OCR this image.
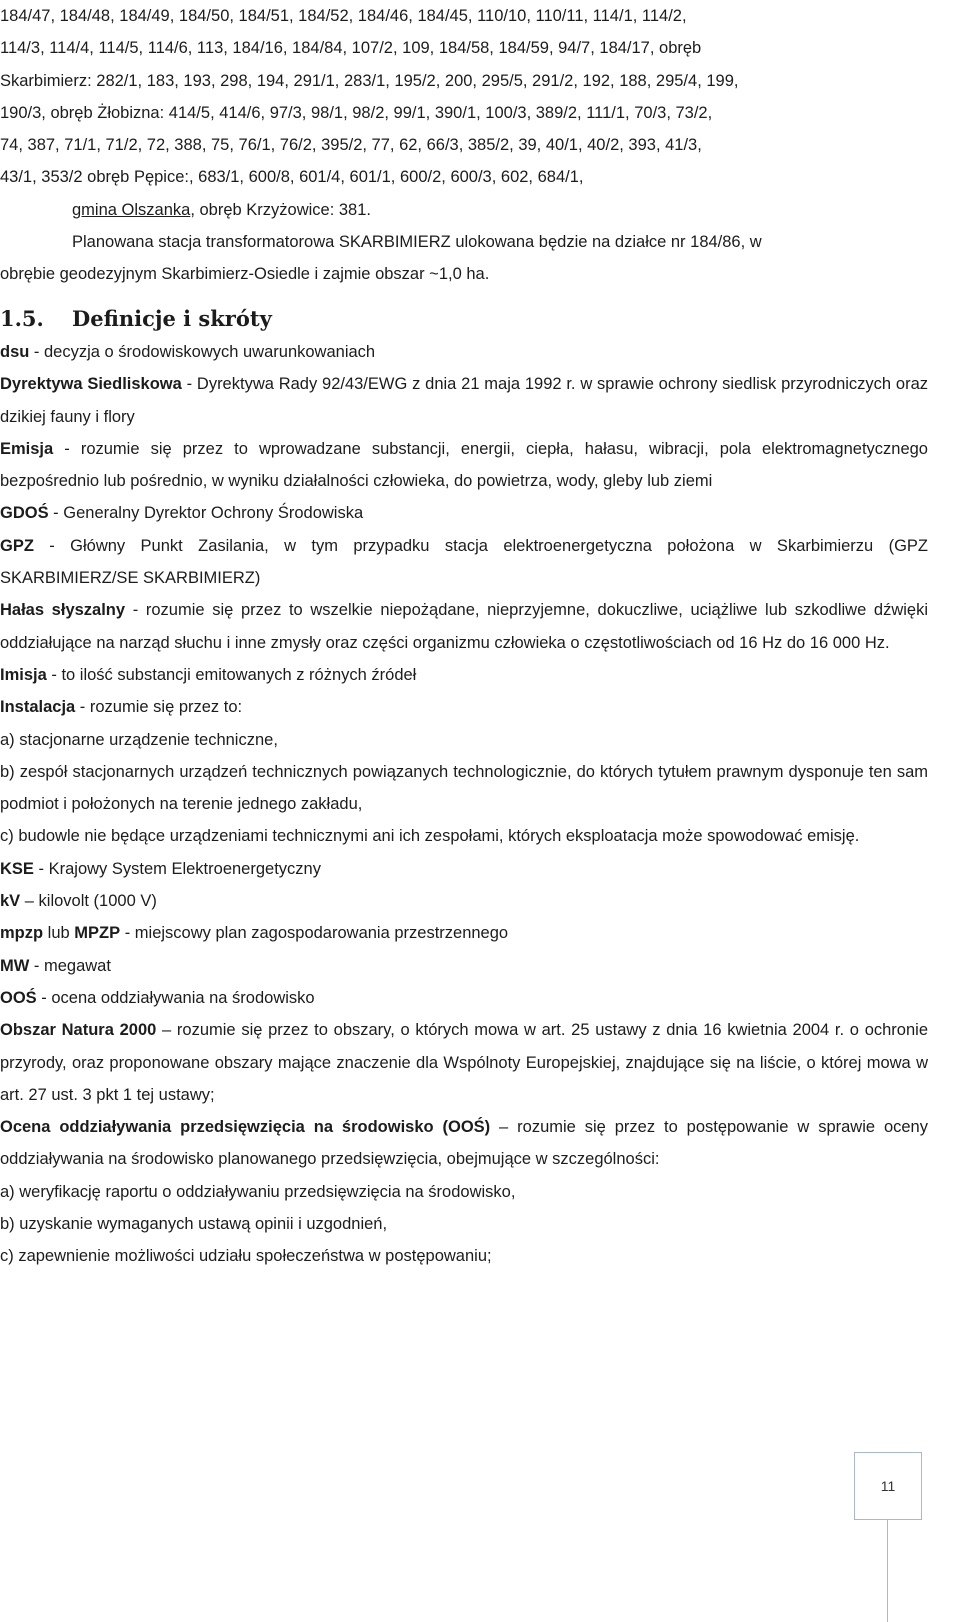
184/47, 184/48, 184/49, 184/50, 184/51, 184/52, 184/46, 184/45, 110/10, 110/11, 114/1, 114/2,
114/3, 114/4, 114/5, 114/6, 113, 184/16, 184/84, 107/2, 109, 184/58, 184/59, 94/7, 184/17, obręb
Skarbimierz: 282/1, 183, 193, 298, 194, 291/1, 283/1, 195/2, 200, 295/5, 291/2, 192, 188, 295/4, 199,
190/3, obręb Żłobizna: 414/5, 414/6, 97/3, 98/1, 98/2, 99/1, 390/1, 100/3, 389/2, 111/1, 70/3, 73/2,
74, 387, 71/1, 71/2, 72, 388, 75, 76/1, 76/2, 395/2, 77, 62, 66/3, 385/2, 39, 40/1, 40/2, 393, 41/3,
43/1, 353/2 obręb Pępice:, 683/1, 600/8, 601/4, 601/1, 600/2, 600/3, 602, 684/1,
gmina Olszanka, obręb Krzyżowice: 381.
Planowana stacja transformatorowa SKARBIMIERZ ulokowana będzie na działce nr 184/86, w
obrębie geodezyjnym Skarbimierz-Osiedle i zajmie obszar ~1,0 ha.
1.5.	Definicje i skróty

dsu - decyzja o środowiskowych uwarunkowaniach

Dyrektywa Siedliskowa - Dyrektywa Rady 92/43/EWG z dnia 21 maja 1992 r. w sprawie ochrony siedlisk przyrodniczych oraz dzikiej fauny i flory

Emisja - rozumie się przez to wprowadzane substancji, energii, ciepła, hałasu, wibracji, pola elektromagnetycznego bezpośrednio lub pośrednio, w wyniku działalności człowieka, do powietrza, wody, gleby lub ziemi

GDOŚ - Generalny Dyrektor Ochrony Środowiska

GPZ - Główny Punkt Zasilania, w tym przypadku stacja elektroenergetyczna położona w Skarbimierzu (GPZ SKARBIMIERZ/SE SKARBIMIERZ)

Hałas słyszalny - rozumie się przez to wszelkie niepożądane, nieprzyjemne, dokuczliwe, uciążliwe lub szkodliwe dźwięki oddziałujące na narząd słuchu i inne zmysły oraz części organizmu człowieka o częstotliwościach od 16 Hz do 16 000 Hz.

Imisja - to ilość substancji emitowanych z różnych źródeł

Instalacja - rozumie się przez to:

a) stacjonarne urządzenie techniczne,

b) zespół stacjonarnych urządzeń technicznych powiązanych technologicznie, do których tytułem prawnym dysponuje ten sam podmiot i położonych na terenie jednego zakładu,

c) budowle nie będące urządzeniami technicznymi ani ich zespołami, których eksploatacja może spowodować emisję.

KSE - Krajowy System Elektroenergetyczny

kV – kilovolt (1000 V)

mpzp lub MPZP - miejscowy plan zagospodarowania przestrzennego

MW - megawat

OOŚ - ocena oddziaływania na środowisko

Obszar Natura 2000 – rozumie się przez to obszary, o których mowa w art. 25 ustawy z dnia 16 kwietnia 2004 r. o ochronie przyrody, oraz proponowane obszary mające znaczenie dla Wspólnoty Europejskiej, znajdujące się na liście, o której mowa w art. 27 ust. 3 pkt 1 tej ustawy;

Ocena oddziaływania przedsięwzięcia na środowisko (OOŚ) – rozumie się przez to postępowanie w sprawie oceny oddziaływania na środowisko planowanego przedsięwzięcia, obejmujące w szczególności:

a) weryfikację raportu o oddziaływaniu przedsięwzięcia na środowisko,

b) uzyskanie wymaganych ustawą opinii i uzgodnień,

c) zapewnienie możliwości udziału społeczeństwa w postępowaniu;

11
